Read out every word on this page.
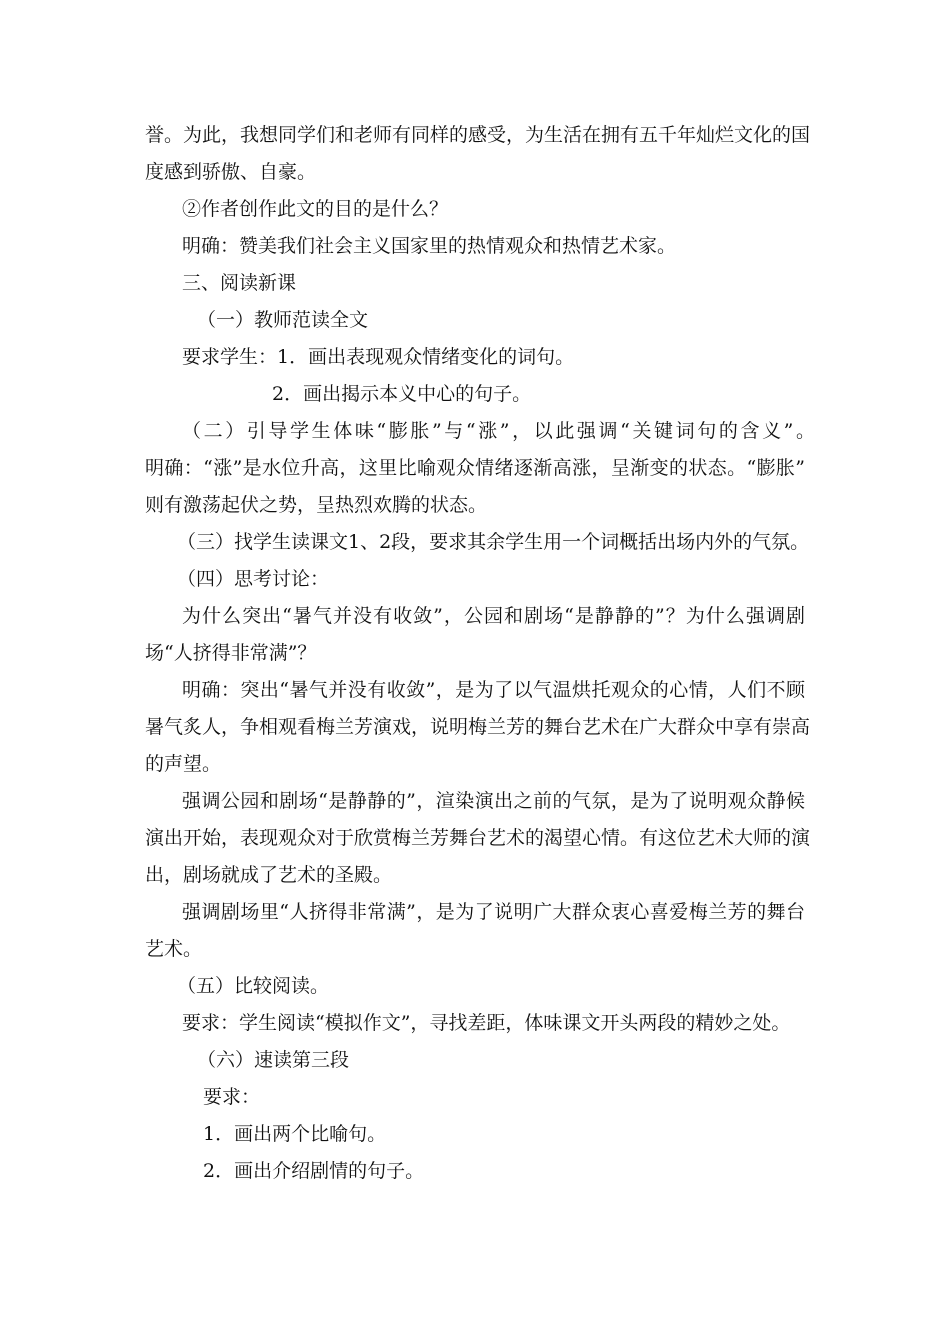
誉。为此，我想同学们和老师有同样的感受，为生活在拥有五千年灿烂文化的国
度感到骄傲、自豪。
②作者创作此文的目的是什么？
明确：赞美我们社会主义国家里的热情观众和热情艺术家。
三、阅读新课
（一）教师范读全文
要求学生：1．画出表现观众情绪变化的词句。
2．画出揭示本义中心的句子。
（二）引导学生体味“膨胀”与“涨”，以此强调“关键词句的含义”。
明确：“涨”是水位升高，这里比喻观众情绪逐渐高涨，呈渐变的状态。“膨胀”
则有激荡起伏之势，呈热烈欢腾的状态。
（三）找学生读课文1、2段，要求其余学生用一个词概括出场内外的气氛。
（四）思考讨论：
为什么突出“暑气并没有收敛”，公园和剧场“是静静的”？为什么强调剧
场“人挤得非常满”？
明确：突出“暑气并没有收敛”，是为了以气温烘托观众的心情，人们不顾
暑气炙人，争相观看梅兰芳演戏，说明梅兰芳的舞台艺术在广大群众中享有崇高
的声望。
强调公园和剧场“是静静的”，渲染演出之前的气氛，是为了说明观众静候
演出开始，表现观众对于欣赏梅兰芳舞台艺术的渴望心情。有这位艺术大师的演
出，剧场就成了艺术的圣殿。
强调剧场里“人挤得非常满”，是为了说明广大群众衷心喜爱梅兰芳的舞台
艺术。
（五）比较阅读。
要求：学生阅读“模拟作文”，寻找差距，体味课文开头两段的精妙之处。
（六）速读第三段
要求：
1．画出两个比喻句。
2．画出介绍剧情的句子。
